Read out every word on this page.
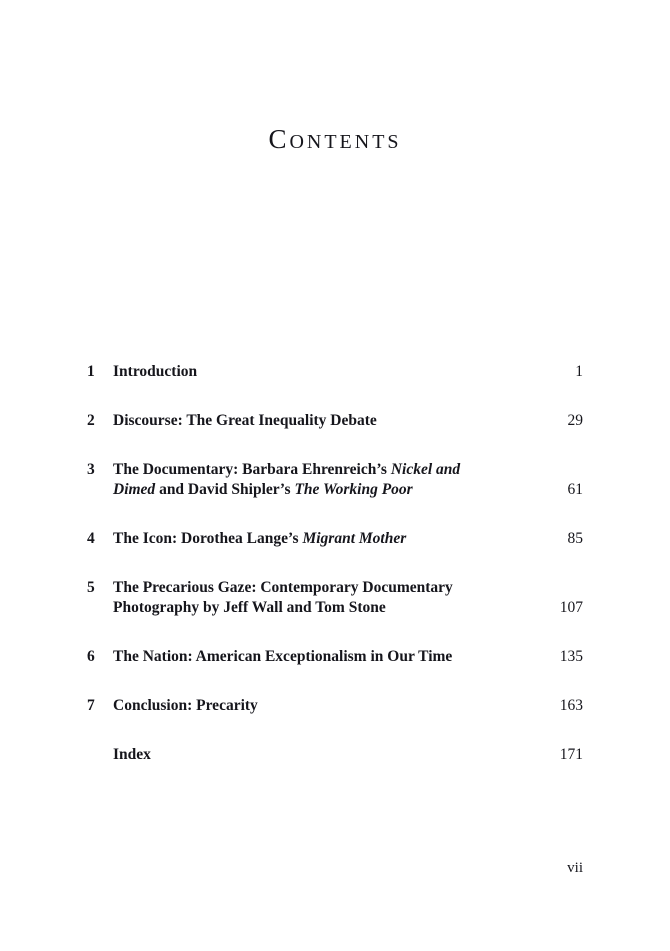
CONTENTS
1	Introduction	1
2	Discourse: The Great Inequality Debate	29
3	The Documentary: Barbara Ehrenreich’s Nickel and
Dimed and David Shipler’s The Working Poor	61
4	The Icon: Dorothea Lange’s Migrant Mother	85
5	The Precarious Gaze: Contemporary Documentary
Photography by Jeff Wall and Tom Stone	107
6	The Nation: American Exceptionalism in Our Time	135
7	Conclusion: Precarity	163
Index	171
vii
